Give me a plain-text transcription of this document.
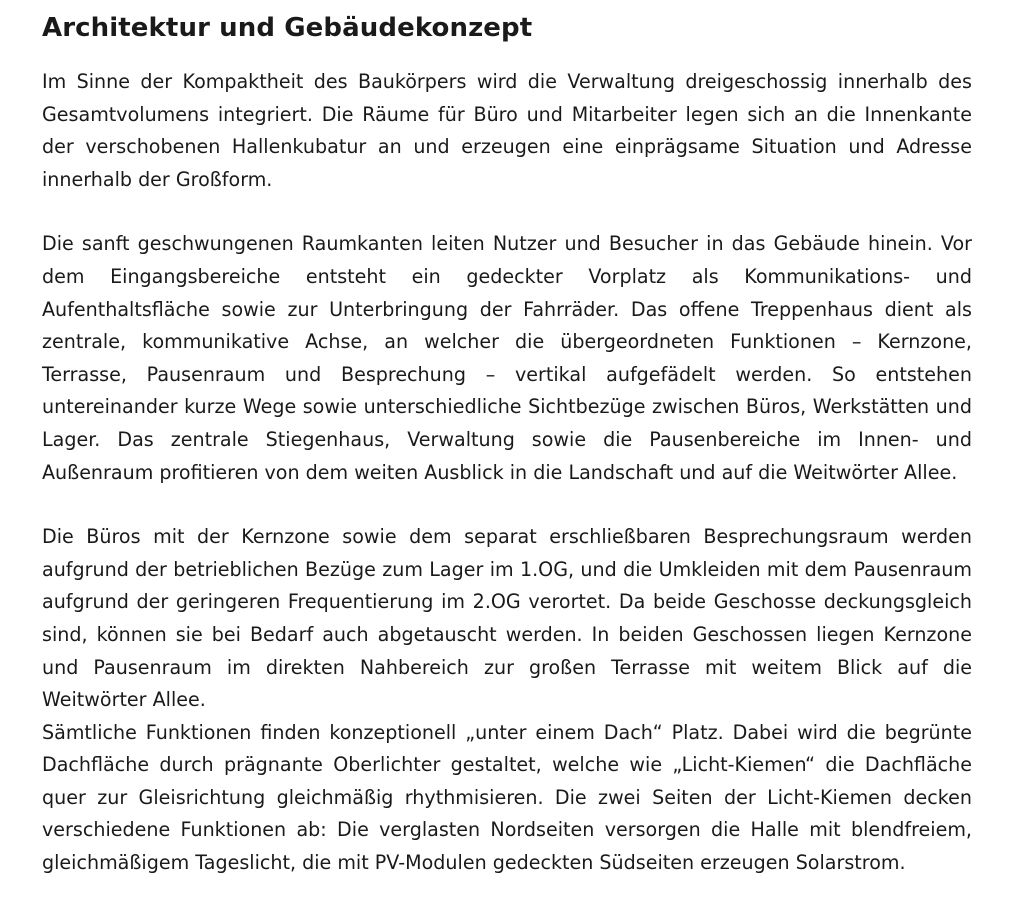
Architektur und Gebäudekonzept

Im Sinne der Kompaktheit des Baukörpers wird die Verwaltung dreigeschossig innerhalb des Gesamtvolumens integriert. Die Räume für Büro und Mitarbeiter legen sich an die Innenkante der verschobenen Hallenkubatur an und erzeugen eine einprägsame Situation und Adresse innerhalb der Großform.

Die sanft geschwungenen Raumkanten leiten Nutzer und Besucher in das Gebäude hinein. Vor dem Eingangsbereiche entsteht ein gedeckter Vorplatz als Kommunikations- und Aufenthaltsfläche sowie zur Unterbringung der Fahrräder. Das offene Treppenhaus dient als zentrale, kommunikative Achse, an welcher die übergeordneten Funktionen – Kernzone, Terrasse, Pausenraum und Besprechung – vertikal aufgefädelt werden. So entstehen untereinander kurze Wege sowie unterschiedliche Sichtbezüge zwischen Büros, Werkstätten und Lager. Das zentrale Stiegenhaus, Verwaltung sowie die Pausenbereiche im Innen- und Außenraum profitieren von dem weiten Ausblick in die Landschaft und auf die Weitwörter Allee.

Die Büros mit der Kernzone sowie dem separat erschließbaren Besprechungsraum werden aufgrund der betrieblichen Bezüge zum Lager im 1.OG, und die Umkleiden mit dem Pausenraum aufgrund der geringeren Frequentierung im 2.OG verortet. Da beide Geschosse deckungsgleich sind, können sie bei Bedarf auch abgetauscht werden. In beiden Geschossen liegen Kernzone und Pausenraum im direkten Nahbereich zur großen Terrasse mit weitem Blick auf die Weitwörter Allee.

Sämtliche Funktionen finden konzeptionell „unter einem Dach“ Platz. Dabei wird die begrünte Dachfläche durch prägnante Oberlichter gestaltet, welche wie „Licht-Kiemen“ die Dachfläche quer zur Gleisrichtung gleichmäßig rhythmisieren. Die zwei Seiten der Licht-Kiemen decken verschiedene Funktionen ab: Die verglasten Nordseiten versorgen die Halle mit blendfreiem, gleichmäßigem Tageslicht, die mit PV-Modulen gedeckten Südseiten erzeugen Solarstrom.
